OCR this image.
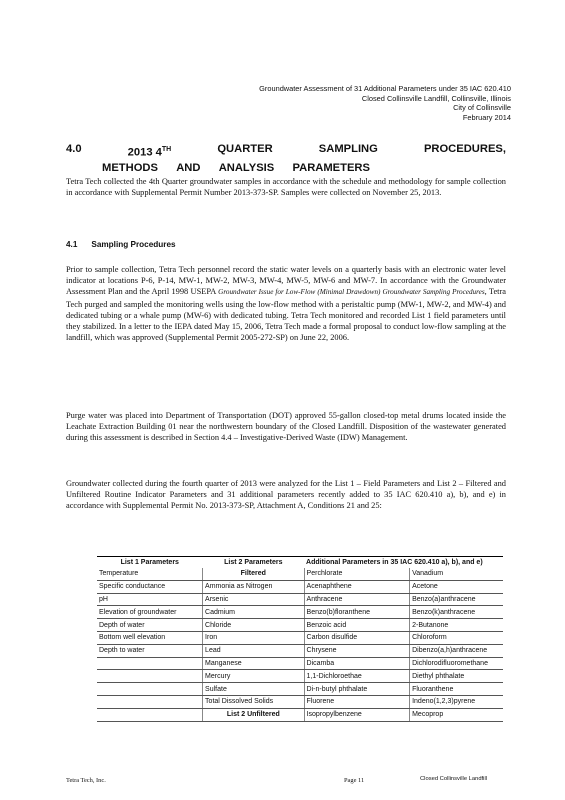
Groundwater Assessment of 31 Additional Parameters under 35 IAC 620.410
Closed Collinsville Landfill, Collinsville, Illinois
City of Collinsville
February 2014
4.0	2013 4TH	QUARTER	SAMPLING	PROCEDURES,
METHODS AND ANALYSIS PARAMETERS

Tetra Tech collected the 4th Quarter groundwater samples in accordance with the schedule and methodology for sample collection in accordance with Supplemental Permit Number 2013-373-SP. Samples were collected on November 25, 2013.

4.1 Sampling Procedures

Prior to sample collection, Tetra Tech personnel record the static water levels on a quarterly basis with an electronic water level indicator at locations P-6, P-14, MW-1, MW-2, MW-3, MW-4, MW-5, MW-6 and MW-7. In accordance with the Groundwater Assessment Plan and the April 1998 USEPA Groundwater Issue for Low-Flow (Minimal Drawdown) Groundwater Sampling Procedures, Tetra Tech purged and sampled the monitoring wells using the low-flow method with a peristaltic pump (MW-1, MW-2, and MW-4) and dedicated tubing or a whale pump (MW-6) with dedicated tubing. Tetra Tech monitored and recorded List 1 field parameters until they stabilized. In a letter to the IEPA dated May 15, 2006, Tetra Tech made a formal proposal to conduct low-flow sampling at the landfill, which was approved (Supplemental Permit 2005-272-SP) on June 22, 2006.

Purge water was placed into Department of Transportation (DOT) approved 55-gallon closed-top metal drums located inside the Leachate Extraction Building 01 near the northwestern boundary of the Closed Landfill. Disposition of the wastewater generated during this assessment is described in Section 4.4 – Investigative-Derived Waste (IDW) Management.

Groundwater collected during the fourth quarter of 2013 were analyzed for the List 1 – Field Parameters and List 2 – Filtered and Unfiltered Routine Indicator Parameters and 31 additional parameters recently added to 35 IAC 620.410 a), b), and e) in accordance with Supplemental Permit No. 2013-373-SP, Attachment A, Conditions 21 and 25:

List 1 Parameters	List 2 Parameters	Additional Parameters in 35 IAC 620.410 a), b), and e)	
Temperature	Filtered	Perchlorate	Vanadium
Specific conductance	Ammonia as Nitrogen	Acenaphthene	Acetone
pH	Arsenic	Anthracene	Benzo(a)anthracene
Elevation of groundwater	Cadmium	Benzo(b)floranthene	Benzo(k)anthracene
Depth of water	Chloride	Benzoic acid	2-Butanone
Bottom well elevation	Iron	Carbon disulfide	Chloroform
Depth to water	Lead	Chrysene	Dibenzo(a,h)anthracene
	Manganese	Dicamba	Dichlorodifluoromethane
	Mercury	1,1-Dichloroethae	Diethyl phthalate
	Sulfate	Di-n-butyl phthalate	Fluoranthene
	Total Dissolved Solids	Fluorene	Indeno(1,2,3)pyrene
	List 2 Unfiltered	Isopropylbenzene	Mecoprop
Tetra Tech, Inc.	Page 11	Closed Collinsville Landfill
